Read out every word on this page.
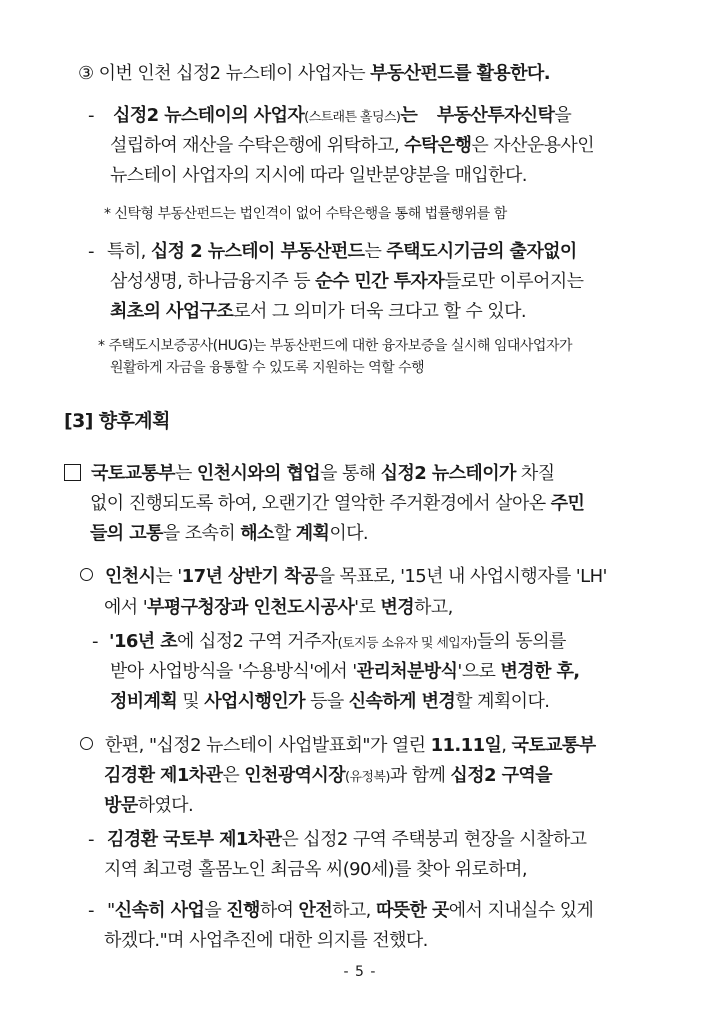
③ 이번 인천 십정2 뉴스테이 사업자는 부동산펀드를 활용한다.
- 십정2 뉴스테이의 사업자(스트래튼 홀딩스)는 부동산투자신탁을
설립하여 재산을 수탁은행에 위탁하고, 수탁은행은 자산운용사인
뉴스테이 사업자의 지시에 따라 일반분양분을 매입한다.
* 신탁형 부동산펀드는 법인격이 없어 수탁은행을 통해 법률행위를 함
- 특히, 십정 2 뉴스테이 부동산펀드는 주택도시기금의 출자없이
삼성생명, 하나금융지주 등 순수 민간 투자자들로만 이루어지는
최초의 사업구조로서 그 의미가 더욱 크다고 할 수 있다.
* 주택도시보증공사(HUG)는 부동산펀드에 대한 융자보증을 실시해 임대사업자가
원활하게 자금을 융통할 수 있도록 지원하는 역할 수행
[3] 향후계획
국토교통부는 인천시와의 협업을 통해 십정2 뉴스테이가 차질
없이 진행되도록 하여, 오랜기간 열악한 주거환경에서 살아온 주민
들의 고통을 조속히 해소할 계획이다.
인천시는 '17년 상반기 착공을 목표로, '15년 내 사업시행자를 'LH'
에서 '부평구청장과 인천도시공사'로 변경하고,
- '16년 초에 십정2 구역 거주자(토지등 소유자 및 세입자)들의 동의를
받아 사업방식을 '수용방식'에서 '관리처분방식'으로 변경한 후,
정비계획 및 사업시행인가 등을 신속하게 변경할 계획이다.
한편, "십정2 뉴스테이 사업발표회"가 열린 11.11일, 국토교통부
김경환 제1차관은 인천광역시장(유정복)과 함께 십정2 구역을
방문하였다.
- 김경환 국토부 제1차관은 십정2 구역 주택붕괴 현장을 시찰하고
지역 최고령 홀몸노인 최금옥 씨(90세)를 찾아 위로하며,
- "신속히 사업을 진행하여 안전하고, 따뜻한 곳에서 지내실수 있게
하겠다."며 사업추진에 대한 의지를 전했다.
- 5 -
